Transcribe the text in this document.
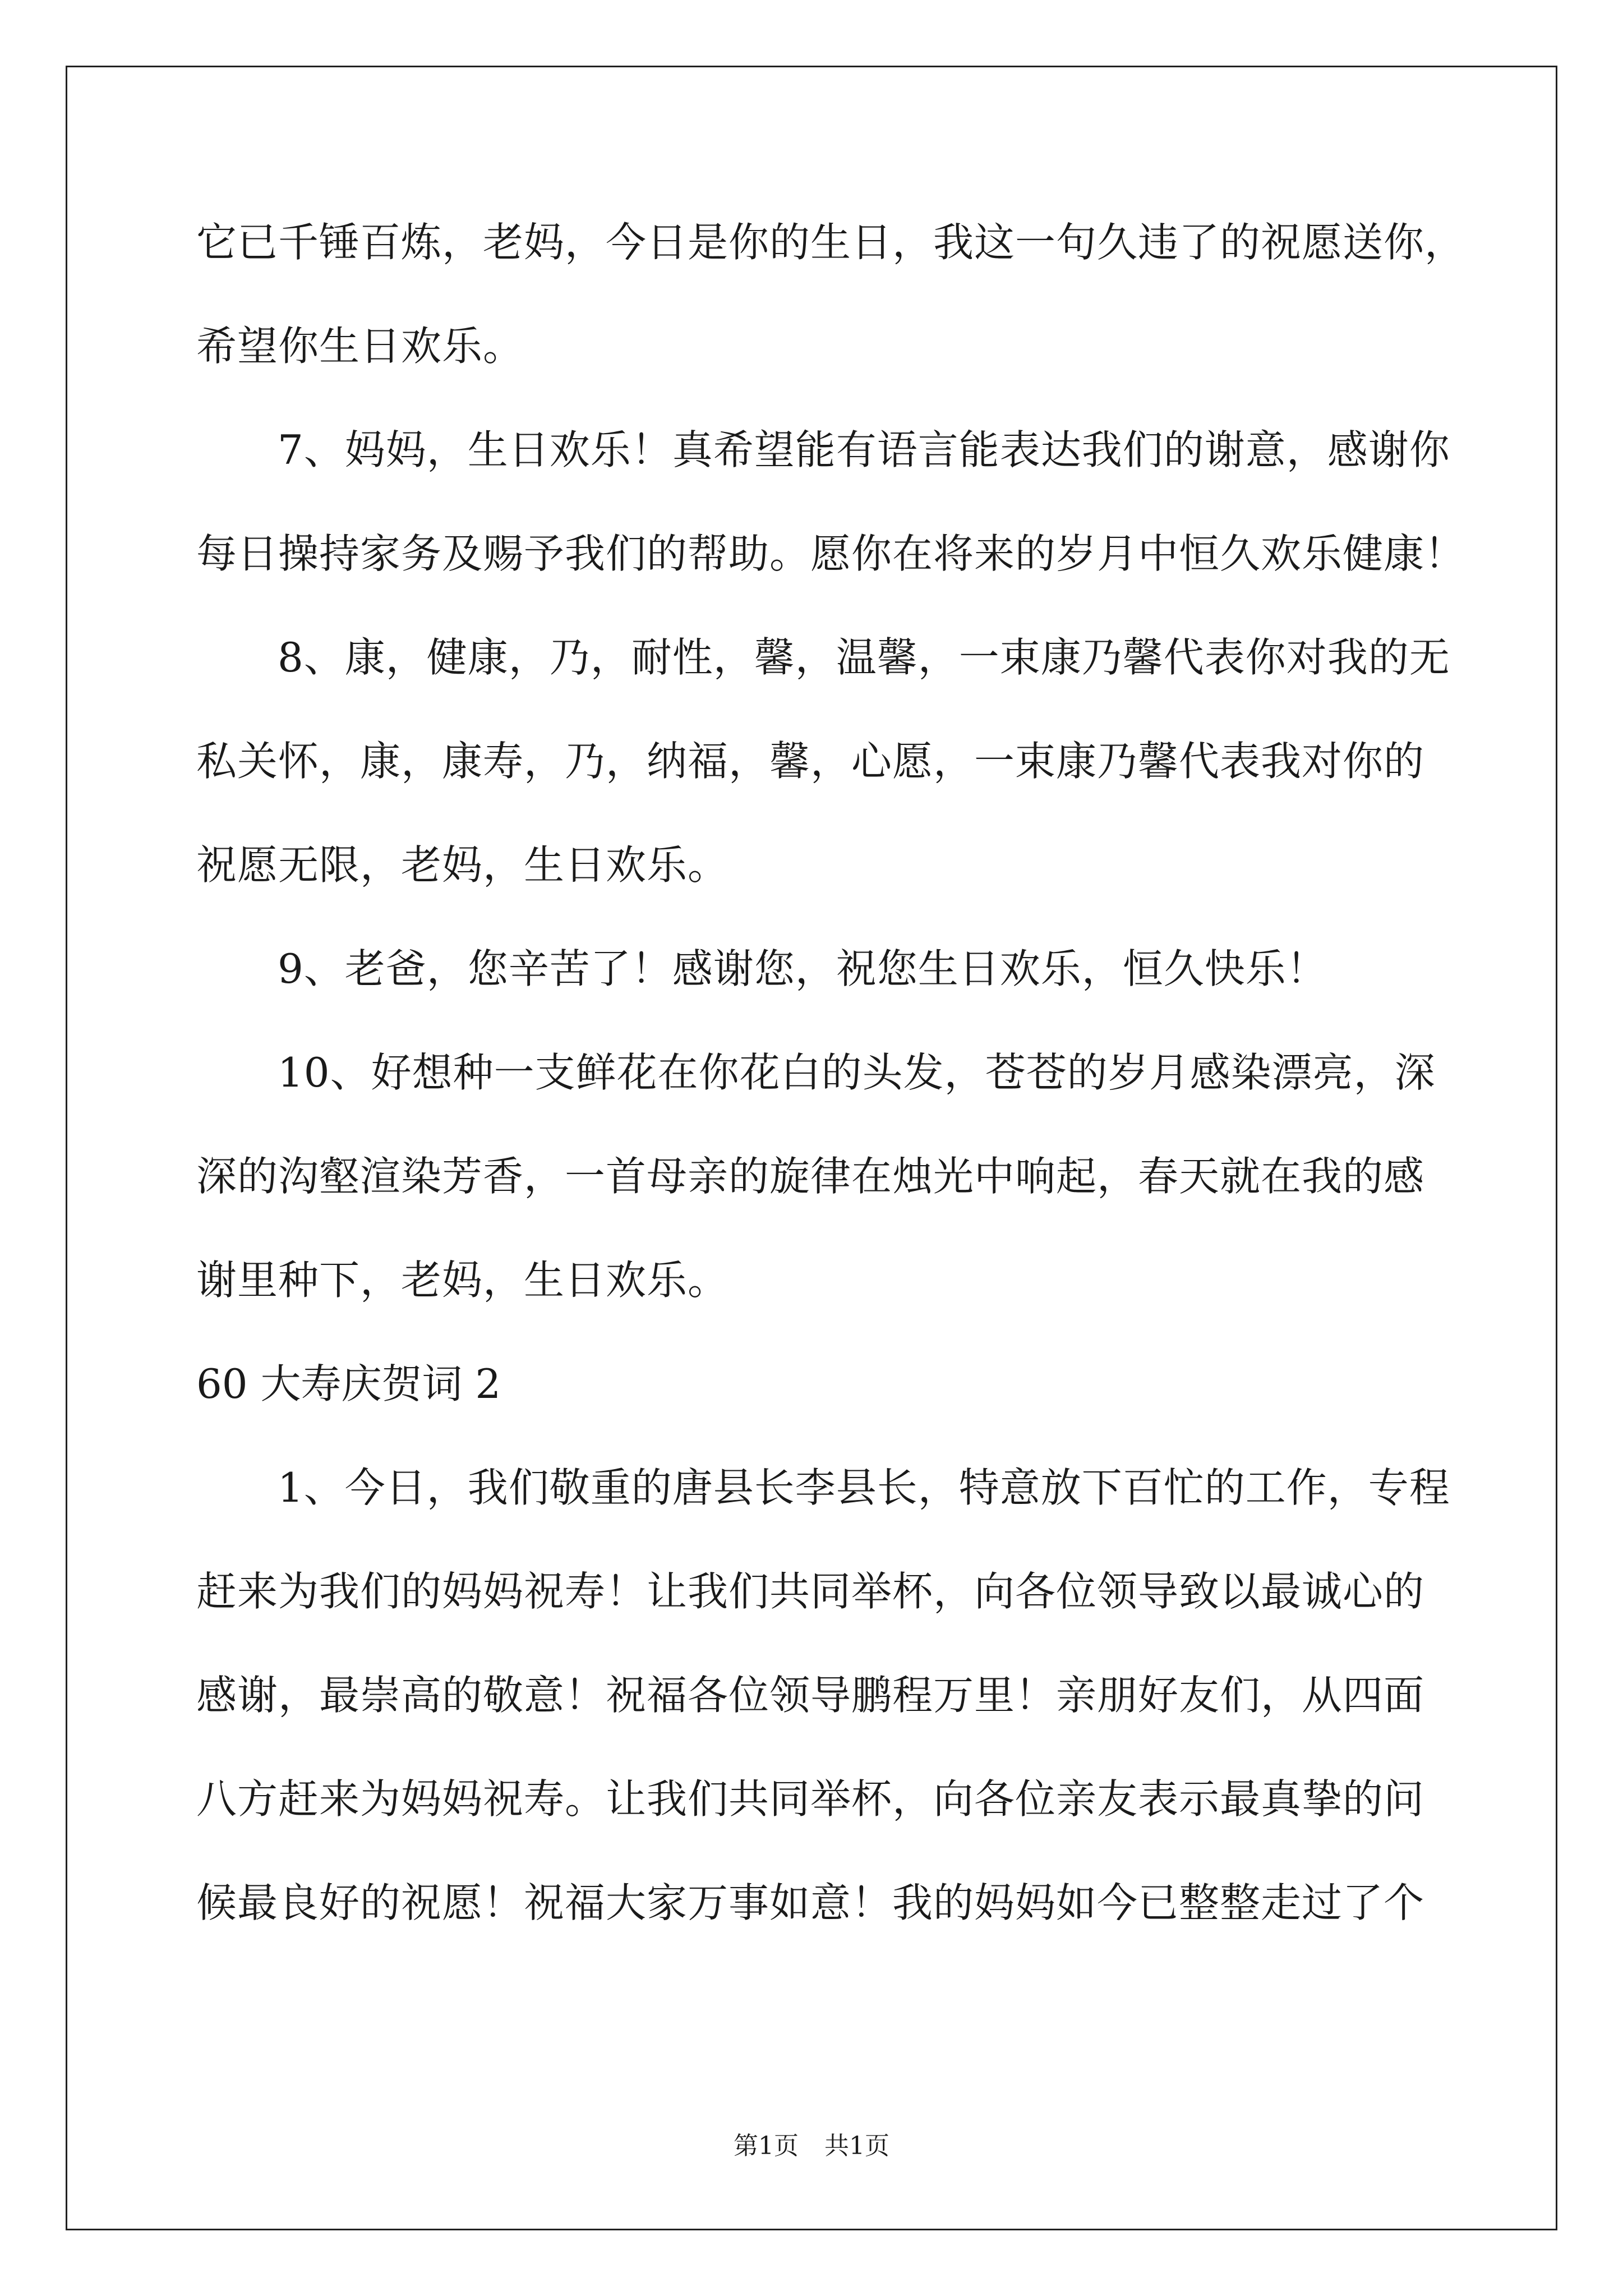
它已千锤百炼，老妈，今日是你的生日，我这一句久违了的祝愿送你，
希望你生日欢乐。
7、妈妈，生日欢乐！真希望能有语言能表达我们的谢意，感谢你
每日操持家务及赐予我们的帮助。愿你在将来的岁月中恒久欢乐健康！
8、康，健康，乃，耐性，馨，温馨，一束康乃馨代表你对我的无
私关怀，康，康寿，乃，纳福，馨，心愿，一束康乃馨代表我对你的
祝愿无限，老妈，生日欢乐。
9、老爸，您辛苦了！感谢您，祝您生日欢乐，恒久快乐！
10、好想种一支鲜花在你花白的头发，苍苍的岁月感染漂亮，深
深的沟壑渲染芳香，一首母亲的旋律在烛光中响起，春天就在我的感
谢里种下，老妈，生日欢乐。
60 大寿庆贺词 2
1、今日，我们敬重的唐县长李县长，特意放下百忙的工作，专程
赶来为我们的妈妈祝寿！让我们共同举杯，向各位领导致以最诚心的
感谢，最崇高的敬意！祝福各位领导鹏程万里！亲朋好友们，从四面
八方赶来为妈妈祝寿。让我们共同举杯，向各位亲友表示最真挚的问
候最良好的祝愿！祝福大家万事如意！我的妈妈如今已整整走过了个
第1页 共1页
